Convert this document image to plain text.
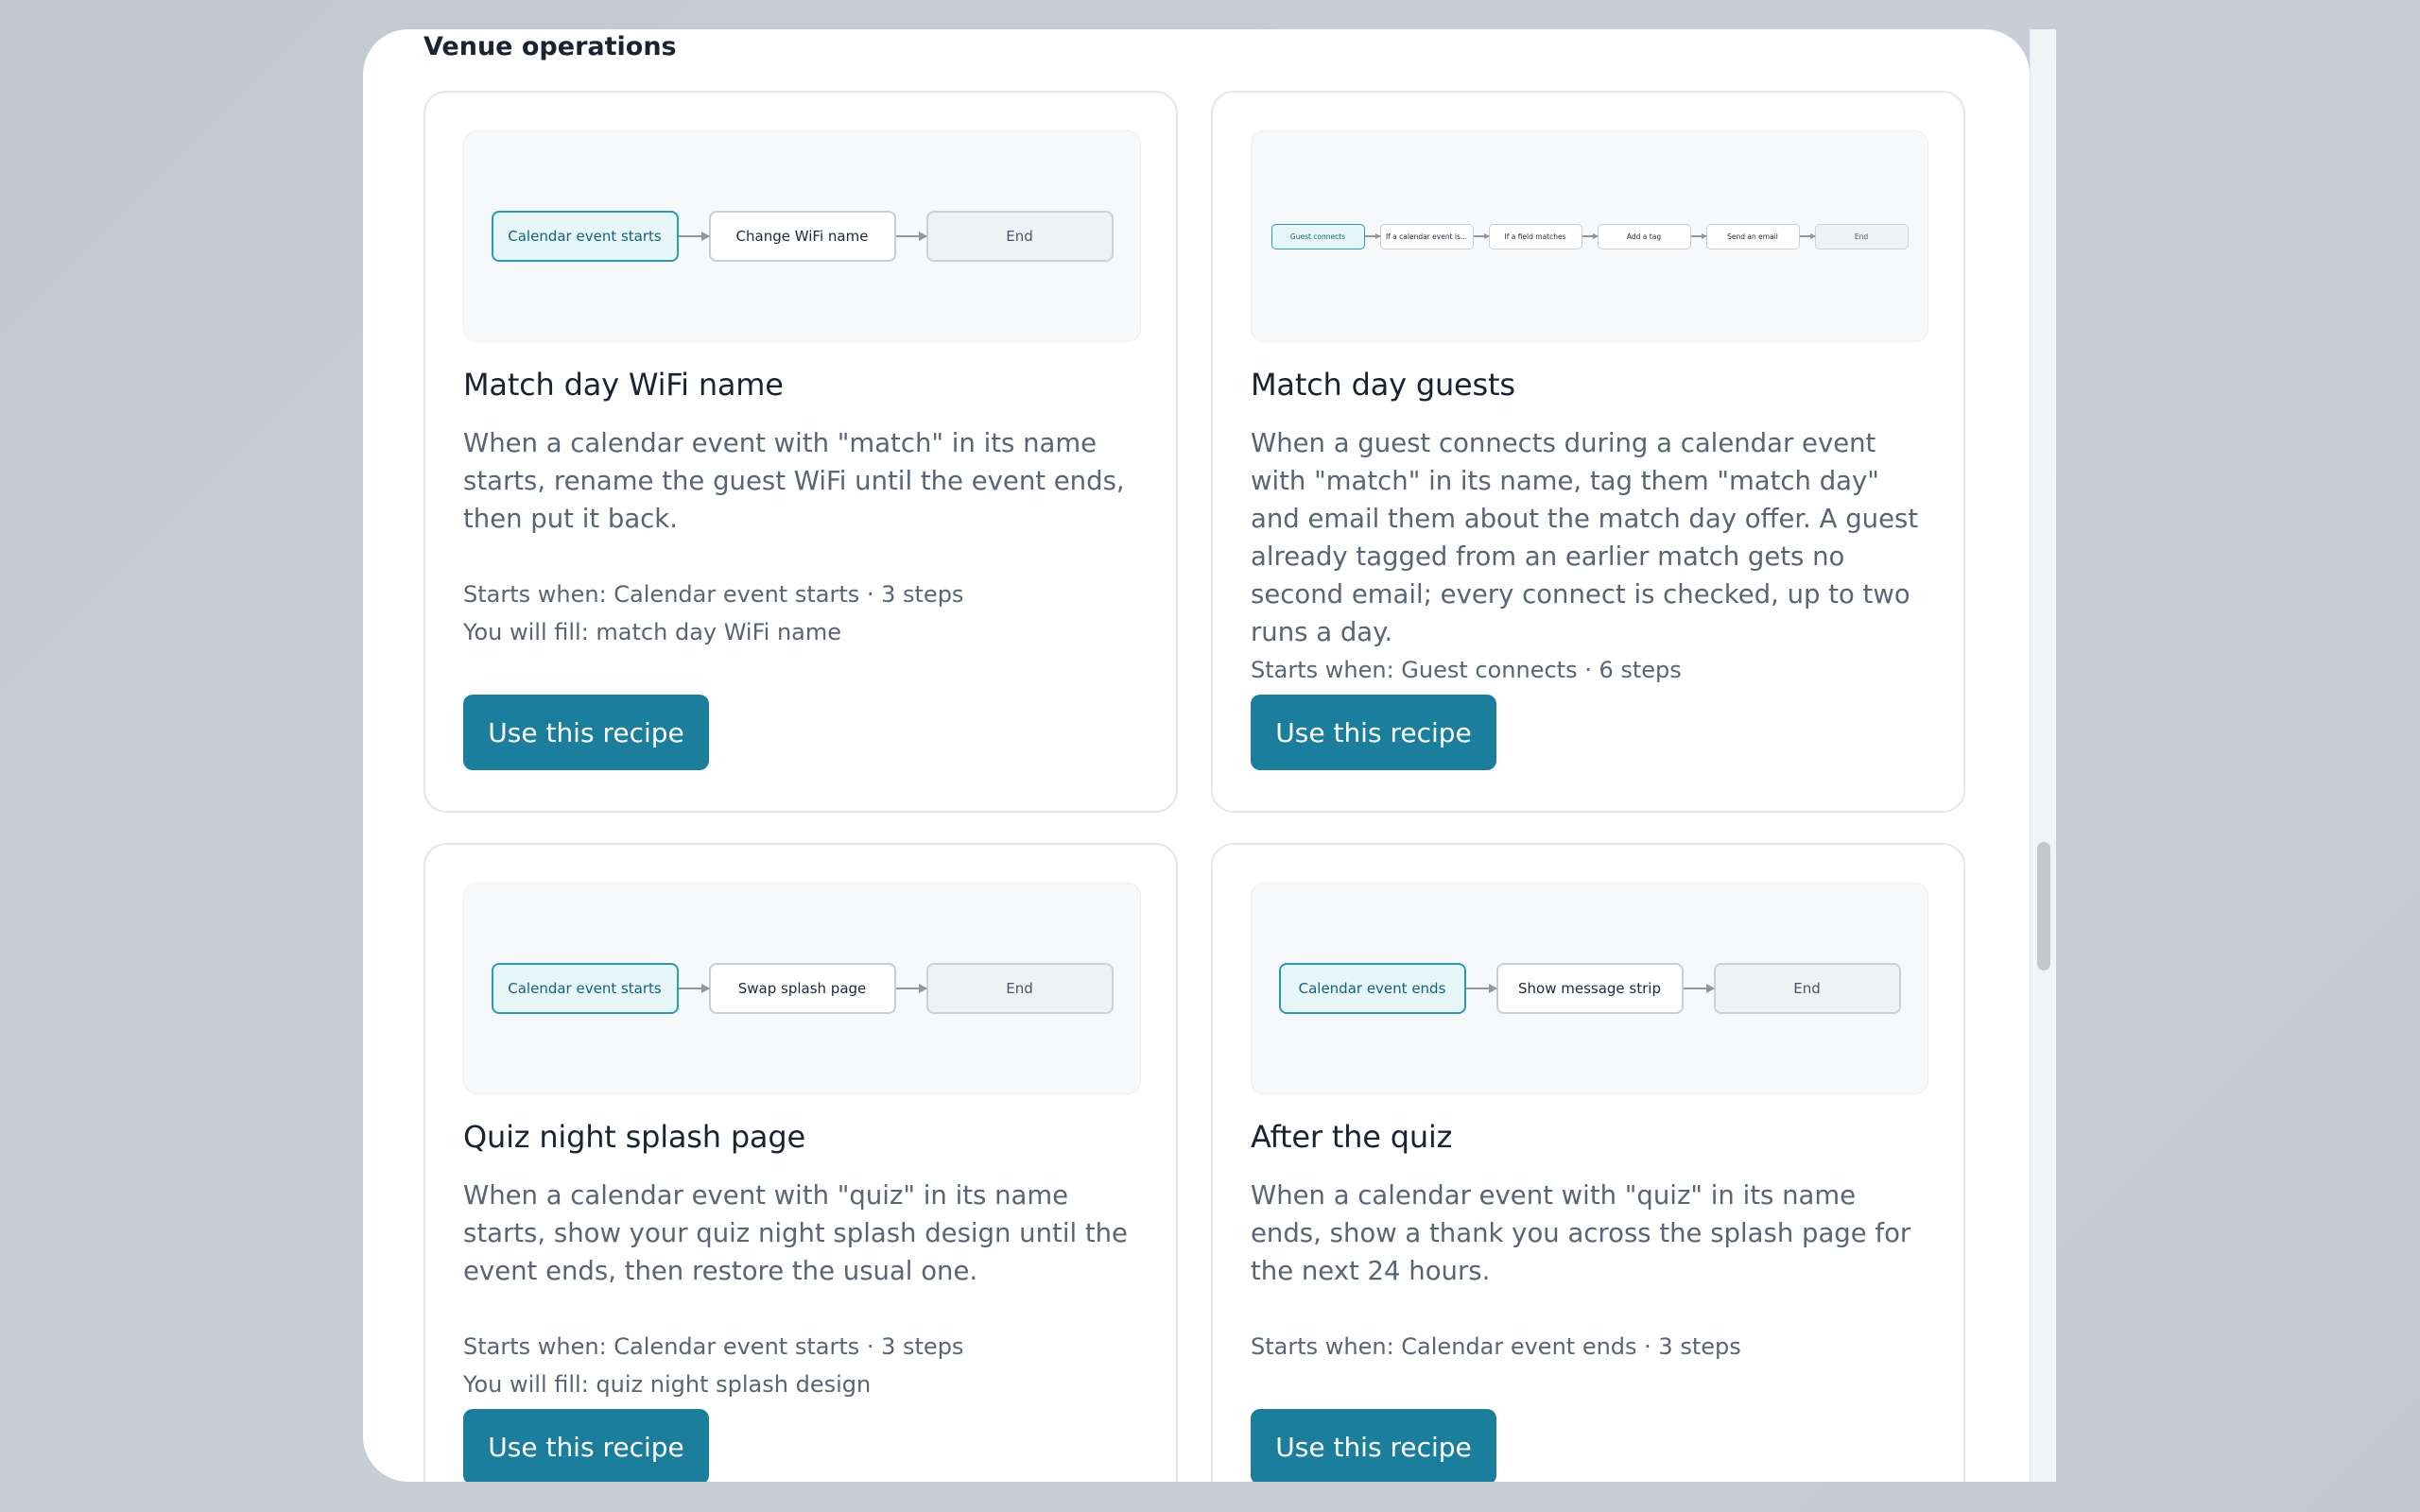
Venue operations
Calendar event starts	Change WiFi name	End
Match day WiFi name

When a calendar event with "match" in its name starts, rename the guest WiFi until the event ends, then put it back.

Starts when: Calendar event starts · 3 steps

You will fill: match day WiFi name

Use this recipe
Guest connects	If a calendar event is...	If a field matches	Add a tag	Send an email	End
Match day guests

When a guest connects during a calendar event with "match" in its name, tag them "match day" and email them about the match day offer. A guest already tagged from an earlier match gets no second email; every connect is checked, up to two runs a day.

Starts when: Guest connects · 6 steps

Use this recipe
Calendar event starts	Swap splash page	End
Quiz night splash page

When a calendar event with "quiz" in its name starts, show your quiz night splash design until the event ends, then restore the usual one.

Starts when: Calendar event starts · 3 steps

You will fill: quiz night splash design

Use this recipe
Calendar event ends	Show message strip	End
After the quiz

When a calendar event with "quiz" in its name ends, show a thank you across the splash page for the next 24 hours.

Starts when: Calendar event ends · 3 steps

Use this recipe
